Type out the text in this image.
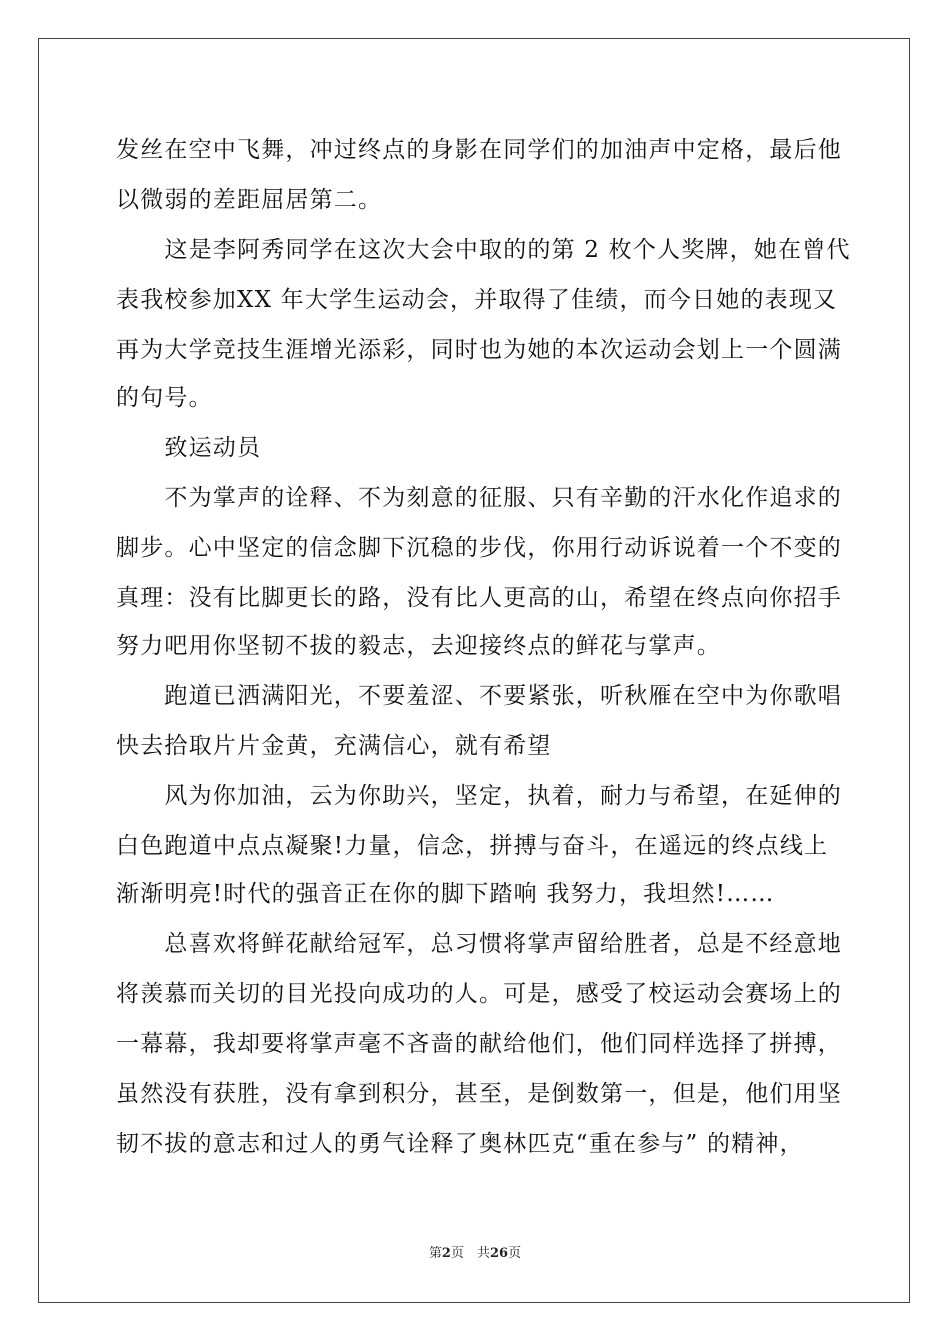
发丝在空中飞舞，冲过终点的身影在同学们的加油声中定格，最后他
以微弱的差距屈居第二。
　　这是李阿秀同学在这次大会中取的的第 2 枚个人奖牌，她在曾代
表我校参加XX 年大学生运动会，并取得了佳绩，而今日她的表现又
再为大学竞技生涯增光添彩，同时也为她的本次运动会划上一个圆满
的句号。
　　致运动员
　　不为掌声的诠释、不为刻意的征服、只有辛勤的汗水化作追求的
脚步。心中坚定的信念脚下沉稳的步伐，你用行动诉说着一个不变的
真理：没有比脚更长的路，没有比人更高的山，希望在终点向你招手
努力吧用你坚韧不拔的毅志，去迎接终点的鲜花与掌声。
　　跑道已洒满阳光，不要羞涩、不要紧张，听秋雁在空中为你歌唱
快去拾取片片金黄，充满信心，就有希望
　　风为你加油，云为你助兴，坚定，执着，耐力与希望，在延伸的
白色跑道中点点凝聚!力量，信念，拼搏与奋斗，在遥远的终点线上
渐渐明亮!时代的强音正在你的脚下踏响 我努力，我坦然!……
　　总喜欢将鲜花献给冠军，总习惯将掌声留给胜者，总是不经意地
将羡慕而关切的目光投向成功的人。可是，感受了校运动会赛场上的
一幕幕，我却要将掌声毫不吝啬的献给他们，他们同样选择了拼搏，
虽然没有获胜，没有拿到积分，甚至，是倒数第一，但是，他们用坚
韧不拔的意志和过人的勇气诠释了奥林匹克“重在参与” 的精神，
第2页　共26页
